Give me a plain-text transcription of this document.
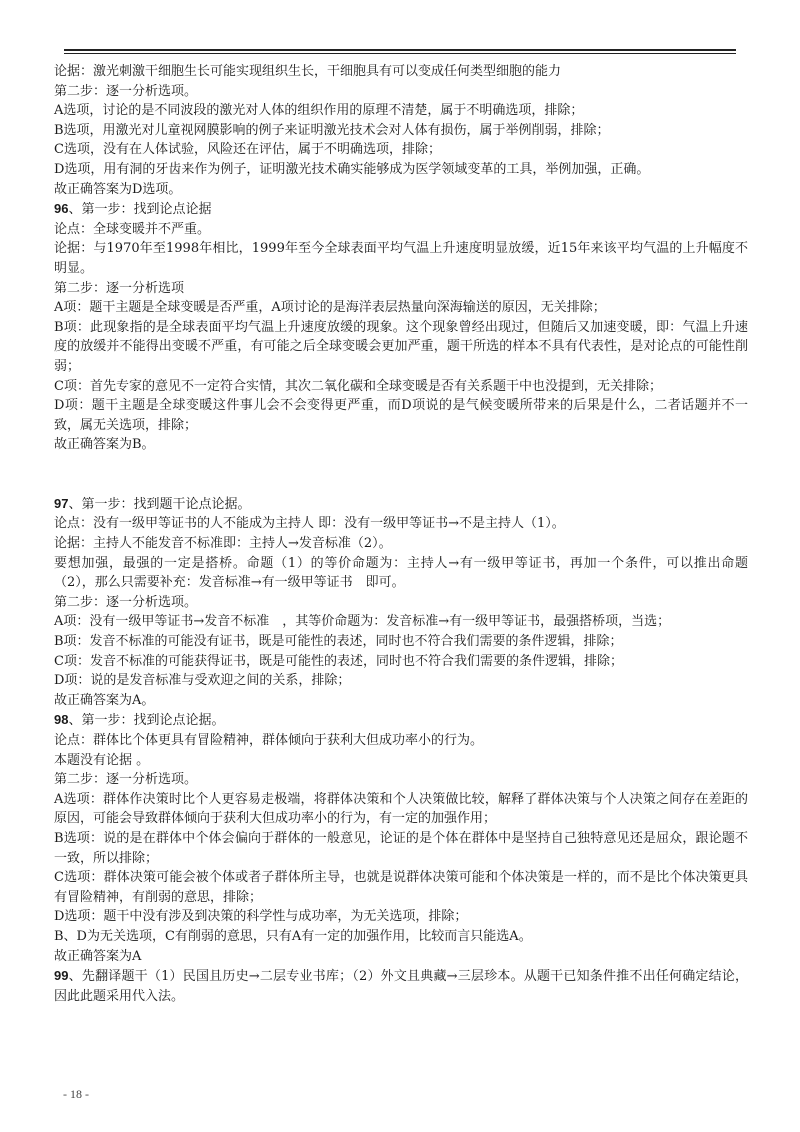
论据：激光刺激干细胞生长可能实现组织生长，干细胞具有可以变成任何类型细胞的能力

第二步：逐一分析选项。

A选项，讨论的是不同波段的激光对人体的组织作用的原理不清楚，属于不明确选项，排除；

B选项，用激光对儿童视网膜影响的例子来证明激光技术会对人体有损伤，属于举例削弱，排除；

C选项，没有在人体试验，风险还在评估，属于不明确选项，排除；

D选项，用有洞的牙齿来作为例子，证明激光技术确实能够成为医学领域变革的工具，举例加强，正确。

故正确答案为D选项。

96、第一步：找到论点论据

论点：全球变暖并不严重。

论据：与1970年至1998年相比，1999年至今全球表面平均气温上升速度明显放缓，近15年来该平均气温的上升幅度不明显。

第二步：逐一分析选项

A项：题干主题是全球变暖是否严重，A项讨论的是海洋表层热量向深海输送的原因，无关排除；

B项：此现象指的是全球表面平均气温上升速度放缓的现象。这个现象曾经出现过，但随后又加速变暖，即：气温上升速度的放缓并不能得出变暖不严重，有可能之后全球变暖会更加严重，题干所选的样本不具有代表性，是对论点的可能性削弱；

C项：首先专家的意见不一定符合实情，其次二氧化碳和全球变暖是否有关系题干中也没提到，无关排除；

D项：题干主题是全球变暖这件事儿会不会变得更严重，而D项说的是气候变暖所带来的后果是什么，二者话题并不一致，属无关选项，排除；

故正确答案为B。

97、第一步：找到题干论点论据。

论点：没有一级甲等证书的人不能成为主持人 即：没有一级甲等证书→不是主持人（1）。

论据：主持人不能发音不标准即：主持人→发音标准（2）。

要想加强，最强的一定是搭桥。命题（1）的等价命题为：主持人→有一级甲等证书，再加一个条件，可以推出命题（2），那么只需要补充：发音标准→有一级甲等证书　即可。

第二步：逐一分析选项。

A项：没有一级甲等证书→发音不标准　，其等价命题为：发音标准→有一级甲等证书，最强搭桥项，当选；

B项：发音不标准的可能没有证书，既是可能性的表述，同时也不符合我们需要的条件逻辑，排除；

C项：发音不标准的可能获得证书，既是可能性的表述，同时也不符合我们需要的条件逻辑，排除；

D项：说的是发音标准与受欢迎之间的关系，排除；

故正确答案为A。

98、第一步：找到论点论据。

论点：群体比个体更具有冒险精神，群体倾向于获利大但成功率小的行为。

本题没有论据 。

第二步：逐一分析选项。

A选项：群体作决策时比个人更容易走极端，将群体决策和个人决策做比较，解释了群体决策与个人决策之间存在差距的原因，可能会导致群体倾向于获利大但成功率小的行为，有一定的加强作用；

B选项：说的是在群体中个体会偏向于群体的一般意见，论证的是个体在群体中是坚持自己独特意见还是屈众，跟论题不一致，所以排除；

C选项：群体决策可能会被个体或者子群体所主导，也就是说群体决策可能和个体决策是一样的，而不是比个体决策更具有冒险精神，有削弱的意思，排除；

D选项：题干中没有涉及到决策的科学性与成功率，为无关选项，排除；

B、D为无关选项，C有削弱的意思，只有A有一定的加强作用，比较而言只能选A。

故正确答案为A

99、先翻译题干（1）民国且历史→二层专业书库；（2）外文且典藏→三层珍本。从题干已知条件推不出任何确定结论，因此此题采用代入法。

- 18 -
